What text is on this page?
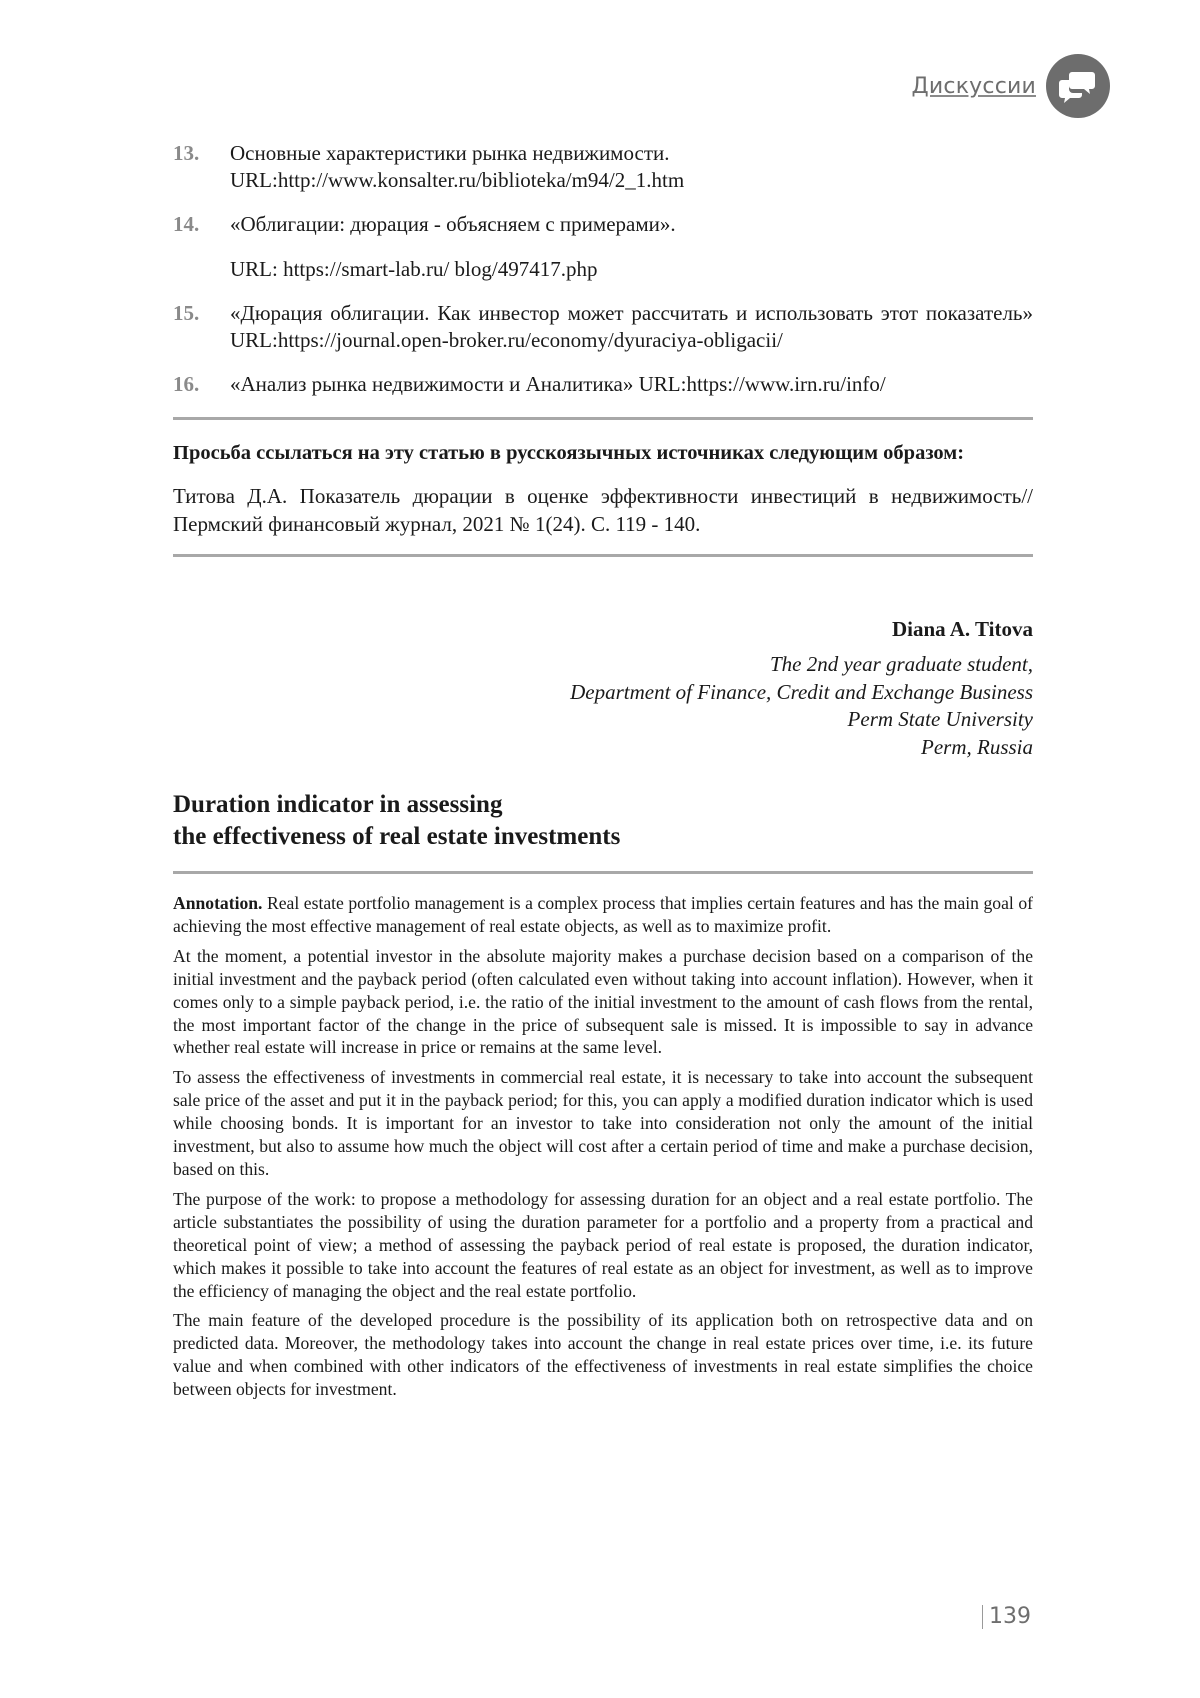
Дискуссии
13.	Основные характеристики рынка недвижимости.
URL:http://www.konsalter.ru/biblioteka/m94/2_1.htm
14.	«Облигации: дюрация - объясняем с примерами».
URL: https://smart-lab.ru/ blog/497417.php
15.	«Дюрация облигации. Как инвестор может рассчитать и использовать этот показатель» URL:https://journal.open-broker.ru/economy/dyuraciya-obligacii/
16.	«Анализ рынка недвижимости и Аналитика» URL:https://www.irn.ru/info/
Просьба ссылаться на эту статью в русскоязычных источниках следующим образом:
Титова Д.А. Показатель дюрации в оценке эффективности инвестиций в недвижимость// Пермский финансовый журнал, 2021 № 1(24). С. 119 - 140.
Diana A. Titova
The 2nd year graduate student,
Department of Finance, Credit and Exchange Business
Perm State University
Perm, Russia
Duration indicator in assessing
the effectiveness of real estate investments

Annotation. Real estate portfolio management is a complex process that implies certain features and has the main goal of achieving the most effective management of real estate objects, as well as to maximize profit.

At the moment, a potential investor in the absolute majority makes a purchase decision based on a comparison of the initial investment and the payback period (often calculated even without taking into account inflation). However, when it comes only to a simple payback period, i.e. the ratio of the initial investment to the amount of cash flows from the rental, the most important factor of the change in the price of subsequent sale is missed. It is impossible to say in advance whether real estate will increase in price or remains at the same level.

To assess the effectiveness of investments in commercial real estate, it is necessary to take into account the subsequent sale price of the asset and put it in the payback period; for this, you can apply a modified duration indicator which is used while choosing bonds. It is important for an investor to take into consideration not only the amount of the initial investment, but also to assume how much the object will cost after a certain period of time and make a purchase decision, based on this.

The purpose of the work: to propose a methodology for assessing duration for an object and a real estate portfolio. The article substantiates the possibility of using the duration parameter for a portfolio and a property from a practical and theoretical point of view; a method of assessing the payback period of real estate is proposed, the duration indicator, which makes it possible to take into account the features of real estate as an object for investment, as well as to improve the efficiency of managing the object and the real estate portfolio.

The main feature of the developed procedure is the possibility of its application both on retrospective data and on predicted data. Moreover, the methodology takes into account the change in real estate prices over time, i.e. its future value and when combined with other indicators of the effectiveness of investments in real estate simplifies the choice between objects for investment.

139
